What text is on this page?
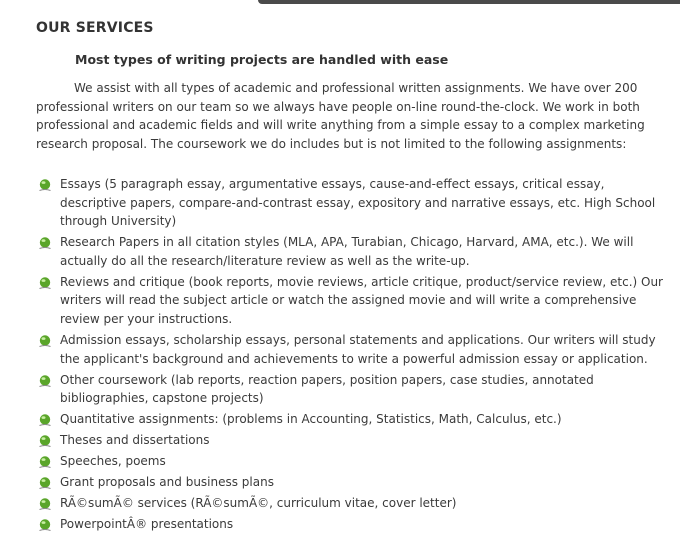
OUR SERVICES
Most types of writing projects are handled with ease

We assist with all types of academic and professional written assignments. We have over 200 professional writers on our team so we always have people on-line round-the-clock. We work in both professional and academic fields and will write anything from a simple essay to a complex marketing research proposal. The coursework we do includes but is not limited to the following assignments:

Essays (5 paragraph essay, argumentative essays, cause-and-effect essays, critical essay, descriptive papers, compare-and-contrast essay, expository and narrative essays, etc. High School through University)
Research Papers in all citation styles (MLA, APA, Turabian, Chicago, Harvard, AMA, etc.). We will actually do all the research/literature review as well as the write-up.
Reviews and critique (book reports, movie reviews, article critique, product/service review, etc.) Our writers will read the subject article or watch the assigned movie and will write a comprehensive review per your instructions.
Admission essays, scholarship essays, personal statements and applications. Our writers will study the applicant's background and achievements to write a powerful admission essay or application.
Other coursework (lab reports, reaction papers, position papers, case studies, annotated bibliographies, capstone projects)
Quantitative assignments: (problems in Accounting, Statistics, Math, Calculus, etc.)
Theses and dissertations
Speeches, poems
Grant proposals and business plans
RÃ©sumÃ© services (RÃ©sumÃ©, curriculum vitae, cover letter)
PowerpointÂ® presentations
